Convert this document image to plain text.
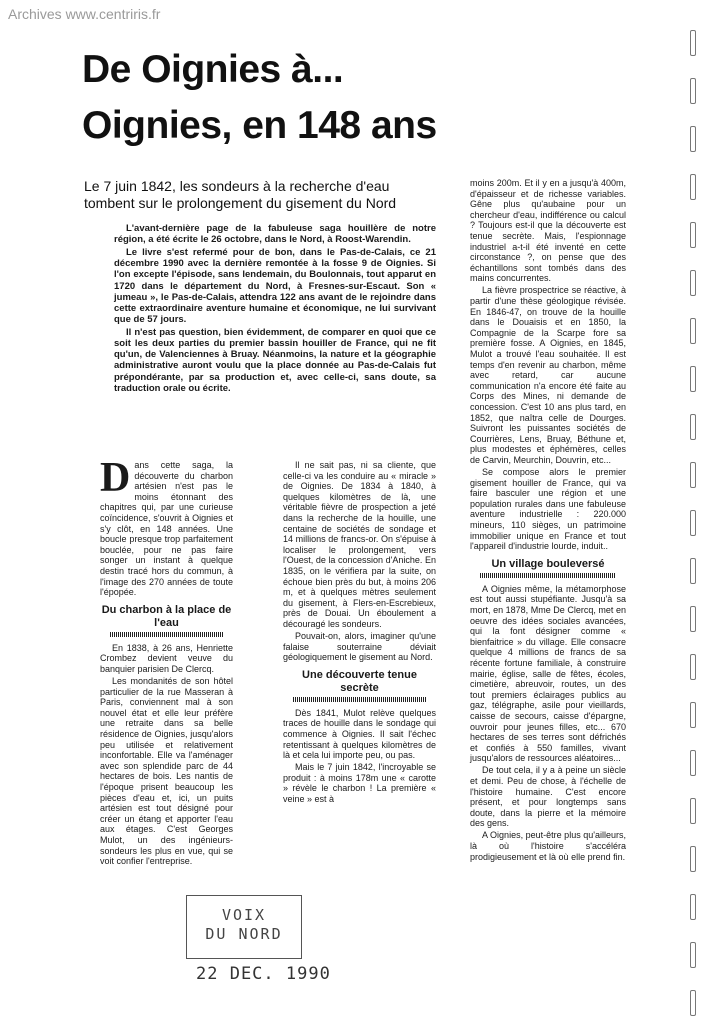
Archives www.centriris.fr
De Oignies à...
Oignies, en 148 ans
Le 7 juin 1842, les sondeurs à la recherche d'eau tombent sur le prolongement du gisement du Nord

L'avant-dernière page de la fabuleuse saga houillère de notre région, a été écrite le 26 octobre, dans le Nord, à Roost-Warendin.

Le livre s'est refermé pour de bon, dans le Pas-de-Calais, ce 21 décembre 1990 avec la dernière remontée à la fosse 9 de Oignies. Si l'on excepte l'épisode, sans lendemain, du Boulonnais, tout apparut en 1720 dans le département du Nord, à Fresnes-sur-Escaut. Son « jumeau », le Pas-de-Calais, attendra 122 ans avant de le rejoindre dans cette extraordinaire aventure humaine et économique, ne lui survivant que de 57 jours.

Il n'est pas question, bien évidemment, de comparer en quoi que ce soit les deux parties du premier bassin houiller de France, qui ne fit qu'un, de Valenciennes à Bruay. Néanmoins, la nature et la géographie administrative auront voulu que la place donnée au Pas-de-Calais fut prépondérante, par sa production et, avec celle-ci, sans doute, sa traduction orale ou écrite.

Dans cette saga, la découverte du charbon artésien n'est pas le moins étonnant des chapitres qui, par une curieuse coïncidence, s'ouvrit à Oignies et s'y clôt, en 148 années. Une boucle presque trop parfaitement bouclée, pour ne pas faire songer un instant à quelque destin tracé hors du commun, à l'image des 270 années de toute l'épopée.

Du charbon à la place de l'eau

En 1838, à 26 ans, Henriette Crombez devient veuve du banquier parisien De Clercq.

Les mondanités de son hôtel particulier de la rue Masseran à Paris, conviennent mal à son nouvel état et elle leur préfère une retraite dans sa belle résidence de Oignies, jusqu'alors peu utilisée et relativement inconfortable. Elle va l'aménager avec son splendide parc de 44 hectares de bois. Les nantis de l'époque prisent beaucoup les pièces d'eau et, ici, un puits artésien est tout désigné pour créer un étang et apporter l'eau aux étages. C'est Georges Mulot, un des ingénieurs-sondeurs les plus en vue, qui se voit confier l'entreprise.

Il ne sait pas, ni sa cliente, que celle-ci va les conduire au « miracle » de Oignies. De 1834 à 1840, à quelques kilomètres de là, une véritable fièvre de prospection a jeté dans la recherche de la houille, une centaine de sociétés de sondage et 14 millions de francs-or. On s'épuise à localiser le prolongement, vers l'Ouest, de la concession d'Aniche. En 1835, on le vérifiera par la suite, on échoue bien près du but, à moins 206 m, et à quelques mètres seulement du gisement, à Flers-en-Escrebieux, près de Douai. Un éboulement a découragé les sondeurs.

Pouvait-on, alors, imaginer qu'une falaise souterraine déviait géologiquement le gisement au Nord.

Une découverte tenue secrète

Dès 1841, Mulot relève quelques traces de houille dans le sondage qui commence à Oignies. Il sait l'échec retentissant à quelques kilomètres de là et cela lui importe peu, ou pas.

Mais le 7 juin 1842, l'incroyable se produit : à moins 178m une « carotte » révèle le charbon ! La première « veine » est à

moins 200m. Et il y en a jusqu'à 400m, d'épaisseur et de richesse variables. Gêne plus qu'aubaine pour un chercheur d'eau, indifférence ou calcul ? Toujours est-il que la découverte est tenue secrète. Mais, l'espionnage industriel a-t-il été inventé en cette circonstance ?, on pense que des échantillons sont tombés dans des mains concurrentes.

La fièvre prospectrice se réactive, à partir d'une thèse géologique révisée. En 1846-47, on trouve de la houille dans le Douaisis et en 1850, la Compagnie de la Scarpe fore sa première fosse. A Oignies, en 1845, Mulot a trouvé l'eau souhaitée. Il est temps d'en revenir au charbon, même avec retard, car aucune communication n'a encore été faite au Corps des Mines, ni demande de concession. C'est 10 ans plus tard, en 1852, que naîtra celle de Dourges. Suivront les puissantes sociétés de Courrières, Lens, Bruay, Béthune et, plus modestes et éphémères, celles de Carvin, Meurchin, Douvrin, etc...

Se compose alors le premier gisement houiller de France, qui va faire basculer une région et une population rurales dans une fabuleuse aventure industrielle : 220.000 mineurs, 110 sièges, un patrimoine immobilier unique en France et tout l'appareil d'industrie lourde, induit..

Un village bouleversé

A Oignies même, la métamorphose est tout aussi stupéfiante. Jusqu'à sa mort, en 1878, Mme De Clercq, met en oeuvre des idées sociales avancées, qui la font désigner comme « bienfaitrice » du village. Elle consacre quelque 4 millions de francs de sa récente fortune familiale, à construire mairie, église, salle de fêtes, écoles, cimetière, abreuvoir, routes, un des tout premiers éclairages publics au gaz, télégraphe, asile pour vieillards, caisse de secours, caisse d'épargne, ouvroir pour jeunes filles, etc... 670 hectares de ses terres sont défrichés et confiés à 550 familles, vivant jusqu'alors de ressources aléatoires...

De tout cela, il y a à peine un siècle et demi. Peu de chose, à l'échelle de l'histoire humaine. C'est encore présent, et pour longtemps sans doute, dans la pierre et la mémoire des gens.

A Oignies, peut-être plus qu'ailleurs, là où l'histoire s'accéléra prodigieusement et là où elle prend fin.

VOIX
DU NORD
22 DEC. 1990
